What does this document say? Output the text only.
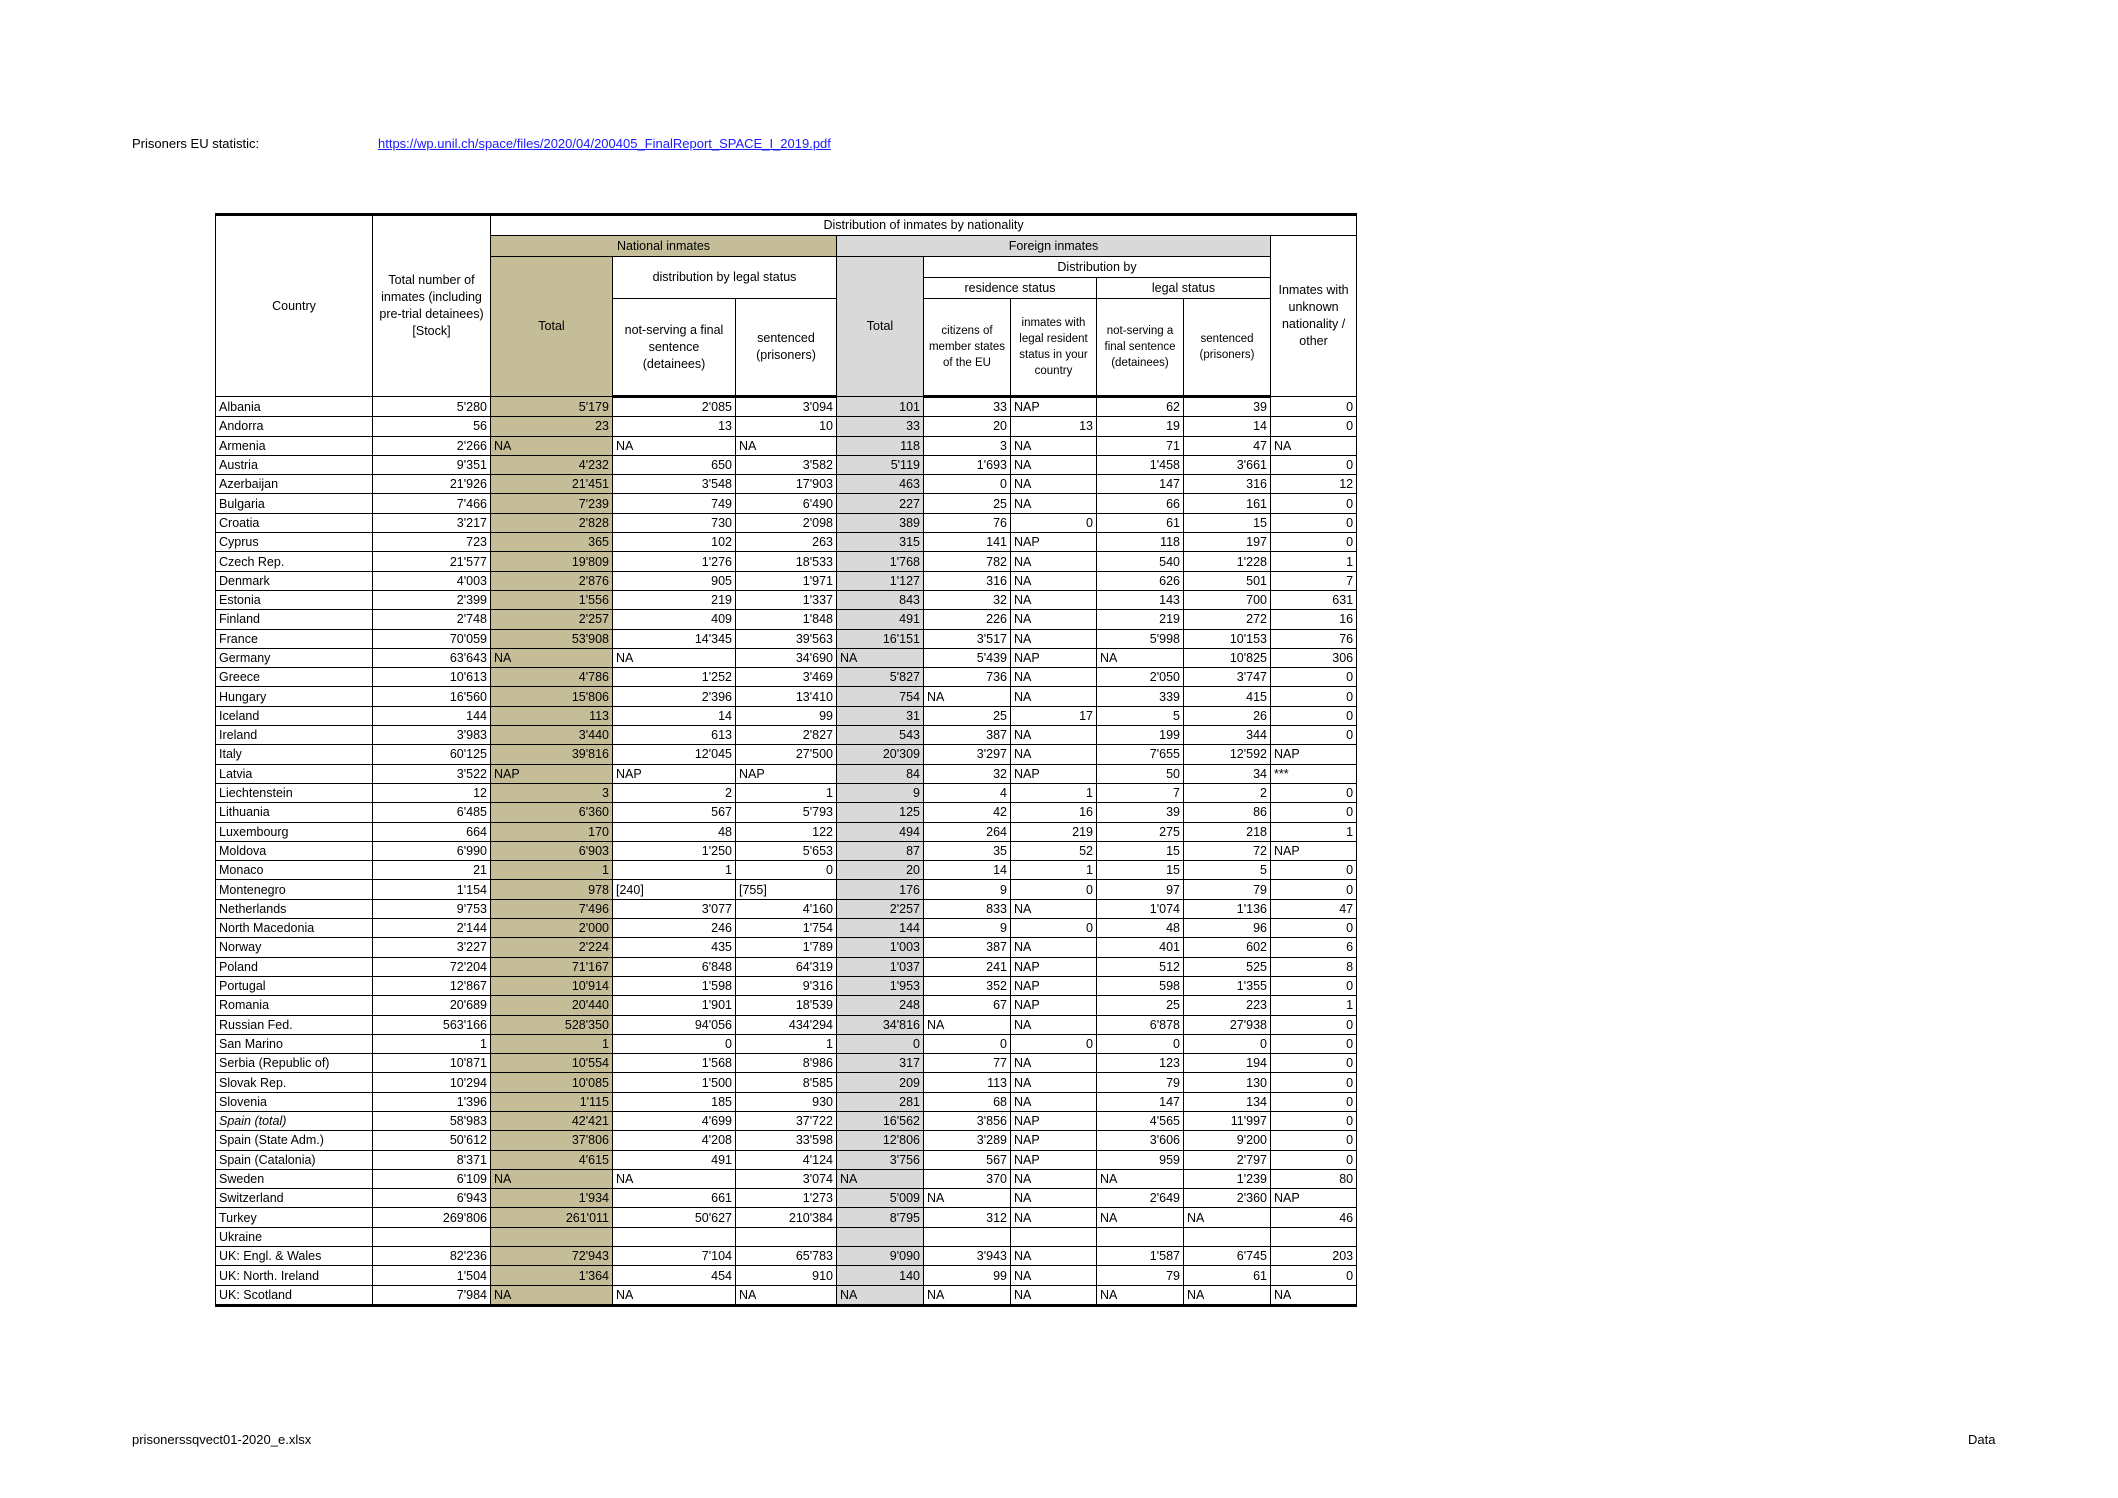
Prisoners EU statistic:	https://wp.unil.ch/space/files/2020/04/200405_FinalReport_SPACE_I_2019.pdf
Country	Total number of inmates (including pre-trial detainees) [Stock]	Distribution of inmates by nationality								
		National inmates			Foreign inmates					Inmates with unknown nationality / other
		Total	distribution by legal status		Total	Distribution by				
						residence status		legal status		
			not-serving a final sentence (detainees)	sentenced (prisoners)		citizens of member states of the EU	inmates with legal resident status in your country	not-serving a final sentence (detainees)	sentenced (prisoners)	
Albania	5'280	5'179	2'085	3'094	101	33	NAP	62	39	0
Andorra	56	23	13	10	33	20	13	19	14	0
Armenia	2'266	NA	NA	NA	118	3	NA	71	47	NA
Austria	9'351	4'232	650	3'582	5'119	1'693	NA	1'458	3'661	0
Azerbaijan	21'926	21'451	3'548	17'903	463	0	NA	147	316	12
Bulgaria	7'466	7'239	749	6'490	227	25	NA	66	161	0
Croatia	3'217	2'828	730	2'098	389	76	0	61	15	0
Cyprus	723	365	102	263	315	141	NAP	118	197	0
Czech Rep.	21'577	19'809	1'276	18'533	1'768	782	NA	540	1'228	1
Denmark	4'003	2'876	905	1'971	1'127	316	NA	626	501	7
Estonia	2'399	1'556	219	1'337	843	32	NA	143	700	631
Finland	2'748	2'257	409	1'848	491	226	NA	219	272	16
France	70'059	53'908	14'345	39'563	16'151	3'517	NA	5'998	10'153	76
Germany	63'643	NA	NA	34'690	NA	5'439	NAP	NA	10'825	306
Greece	10'613	4'786	1'252	3'469	5'827	736	NA	2'050	3'747	0
Hungary	16'560	15'806	2'396	13'410	754	NA	NA	339	415	0
Iceland	144	113	14	99	31	25	17	5	26	0
Ireland	3'983	3'440	613	2'827	543	387	NA	199	344	0
Italy	60'125	39'816	12'045	27'500	20'309	3'297	NA	7'655	12'592	NAP
Latvia	3'522	NAP	NAP	NAP	84	32	NAP	50	34	***
Liechtenstein	12	3	2	1	9	4	1	7	2	0
Lithuania	6'485	6'360	567	5'793	125	42	16	39	86	0
Luxembourg	664	170	48	122	494	264	219	275	218	1
Moldova	6'990	6'903	1'250	5'653	87	35	52	15	72	NAP
Monaco	21	1	1	0	20	14	1	15	5	0
Montenegro	1'154	978	[240]	[755]	176	9	0	97	79	0
Netherlands	9'753	7'496	3'077	4'160	2'257	833	NA	1'074	1'136	47
North Macedonia	2'144	2'000	246	1'754	144	9	0	48	96	0
Norway	3'227	2'224	435	1'789	1'003	387	NA	401	602	6
Poland	72'204	71'167	6'848	64'319	1'037	241	NAP	512	525	8
Portugal	12'867	10'914	1'598	9'316	1'953	352	NAP	598	1'355	0
Romania	20'689	20'440	1'901	18'539	248	67	NAP	25	223	1
Russian Fed.	563'166	528'350	94'056	434'294	34'816	NA	NA	6'878	27'938	0
San Marino	1	1	0	1	0	0	0	0	0	0
Serbia (Republic of)	10'871	10'554	1'568	8'986	317	77	NA	123	194	0
Slovak Rep.	10'294	10'085	1'500	8'585	209	113	NA	79	130	0
Slovenia	1'396	1'115	185	930	281	68	NA	147	134	0
Spain (total)	58'983	42'421	4'699	37'722	16'562	3'856	NAP	4'565	11'997	0
Spain (State Adm.)	50'612	37'806	4'208	33'598	12'806	3'289	NAP	3'606	9'200	0
Spain (Catalonia)	8'371	4'615	491	4'124	3'756	567	NAP	959	2'797	0
Sweden	6'109	NA	NA	3'074	NA	370	NA	NA	1'239	80
Switzerland	6'943	1'934	661	1'273	5'009	NA	NA	2'649	2'360	NAP
Turkey	269'806	261'011	50'627	210'384	8'795	312	NA	NA	NA	46
Ukraine										
UK: Engl. & Wales	82'236	72'943	7'104	65'783	9'090	3'943	NA	1'587	6'745	203
UK: North. Ireland	1'504	1'364	454	910	140	99	NA	79	61	0
UK: Scotland	7'984	NA	NA	NA	NA	NA	NA	NA	NA	NA
prisonerssqvect01-2020_e.xlsx	Data
